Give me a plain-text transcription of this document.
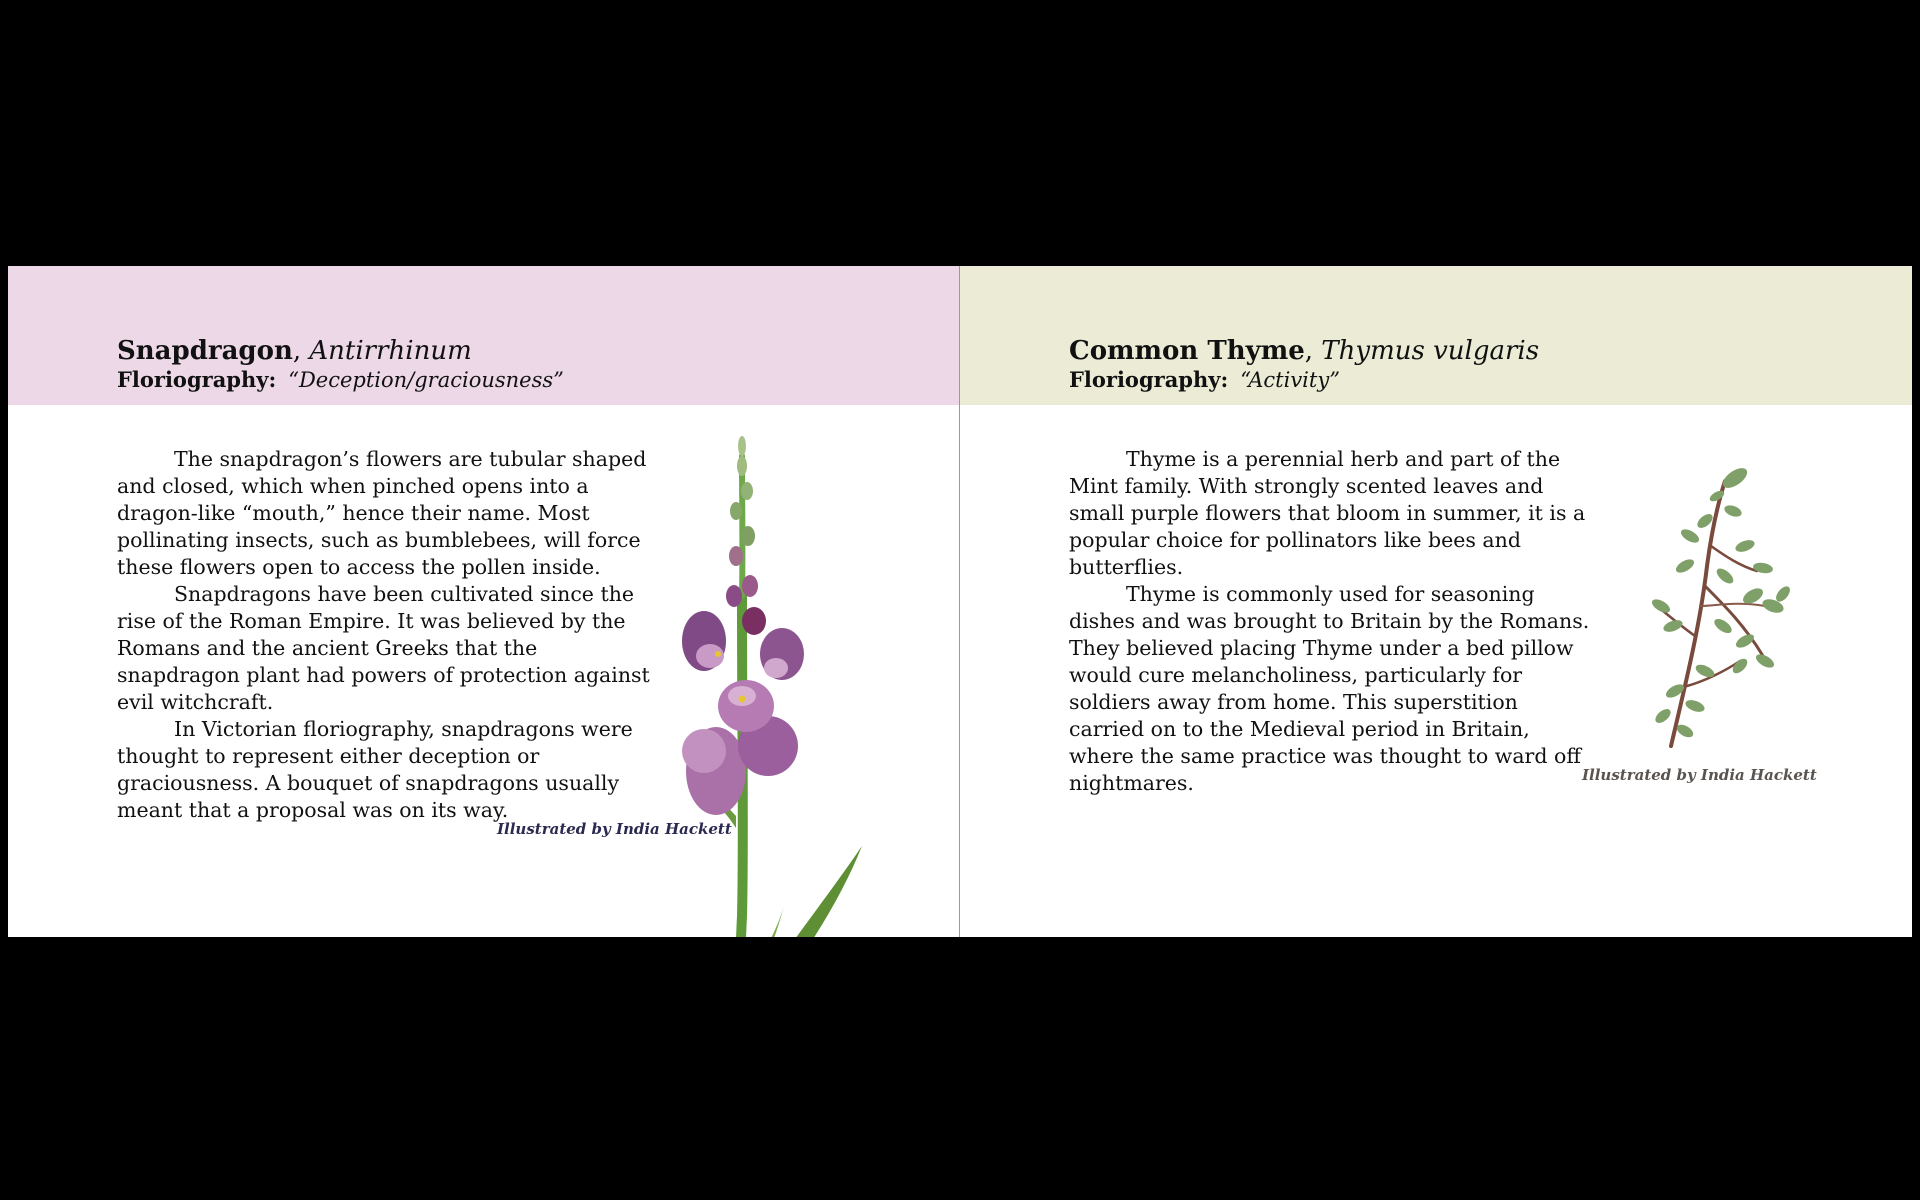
Snapdragon, Antirrhinum
Floriography: “Deception/graciousness”

The snapdragon’s flowers are tubular shaped and closed, which when pinched opens into a dragon-like “mouth,” hence their name. Most pollinating insects, such as bumblebees, will force these flowers open to access the pollen inside.

Snapdragons have been cultivated since the rise of the Roman Empire. It was believed by the Romans and the ancient Greeks that the snapdragon plant had powers of protection against evil witchcraft.

In Victorian floriography, snapdragons were thought to represent either deception or graciousness. A bouquet of snapdragons usually meant that a proposal was on its way.

Illustrated by India Hackett
Common Thyme, Thymus vulgaris
Floriography: “Activity”

Thyme is a perennial herb and part of the Mint family. With strongly scented leaves and small purple flowers that bloom in summer, it is a popular choice for pollinators like bees and butterflies.

Thyme is commonly used for seasoning dishes and was brought to Britain by the Romans. They believed placing Thyme under a bed pillow would cure melancholiness, particularly for soldiers away from home. This superstition carried on to the Medieval period in Britain, where the same practice was thought to ward off nightmares.	Illustrated by India Hackett
